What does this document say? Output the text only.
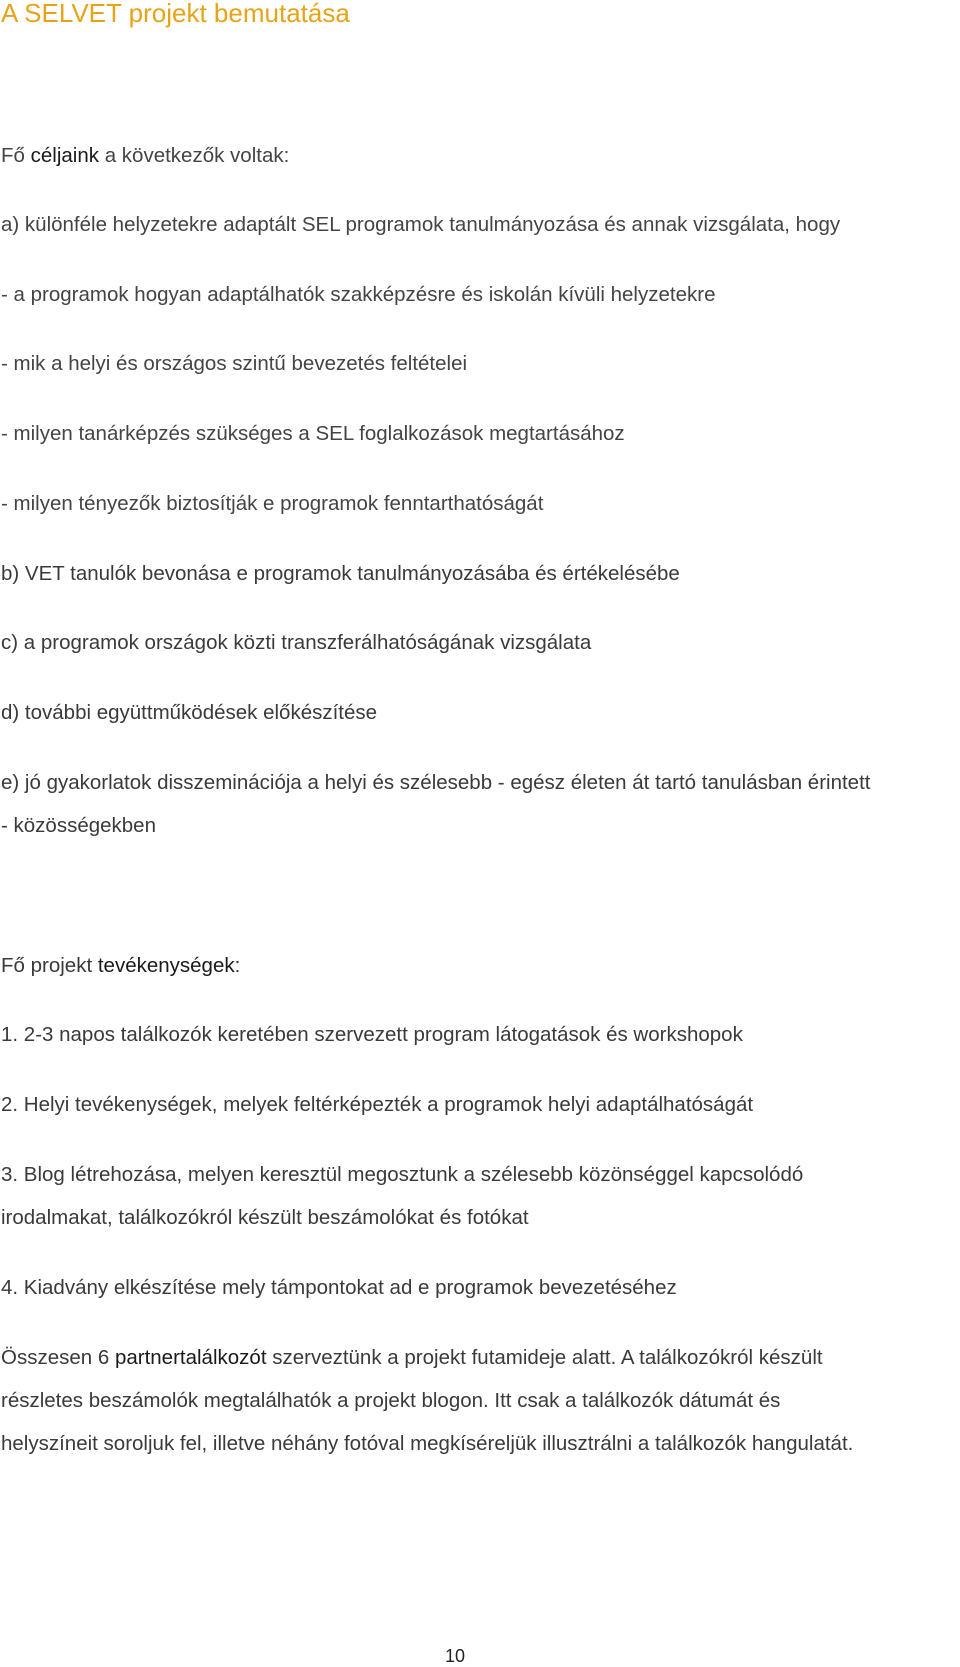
A SELVET projekt bemutatása
Fő céljaink a következők voltak:
a) különféle helyzetekre adaptált SEL programok tanulmányozása és annak vizsgálata, hogy
- a programok hogyan adaptálhatók szakképzésre és iskolán kívüli helyzetekre
- mik a helyi és országos szintű bevezetés feltételei
- milyen tanárképzés szükséges a SEL foglalkozások megtartásához
- milyen tényezők biztosítják e programok fenntarthatóságát
b) VET tanulók bevonása e programok tanulmányozásába és értékelésébe
c) a programok országok közti transzferálhatóságának vizsgálata
d) további együttműködések előkészítése
e) jó gyakorlatok disszeminációja a helyi és szélesebb - egész életen át tartó tanulásban érintett
- közösségekben
Fő projekt tevékenységek:
1. 2-3 napos találkozók keretében szervezett program látogatások és workshopok
2. Helyi tevékenységek, melyek feltérképezték a programok helyi adaptálhatóságát
3. Blog létrehozása, melyen keresztül megosztunk a szélesebb közönséggel kapcsolódó
irodalmakat, találkozókról készült beszámolókat és fotókat
4. Kiadvány elkészítése mely támpontokat ad e programok bevezetéséhez
Összesen 6 partnertalálkozót szerveztünk a projekt futamideje alatt. A találkozókról készült
részletes beszámolók megtalálhatók a projekt blogon. Itt csak a találkozók dátumát és
helyszíneit soroljuk fel, illetve néhány fotóval megkíséreljük illusztrálni a találkozók hangulatát.
10
